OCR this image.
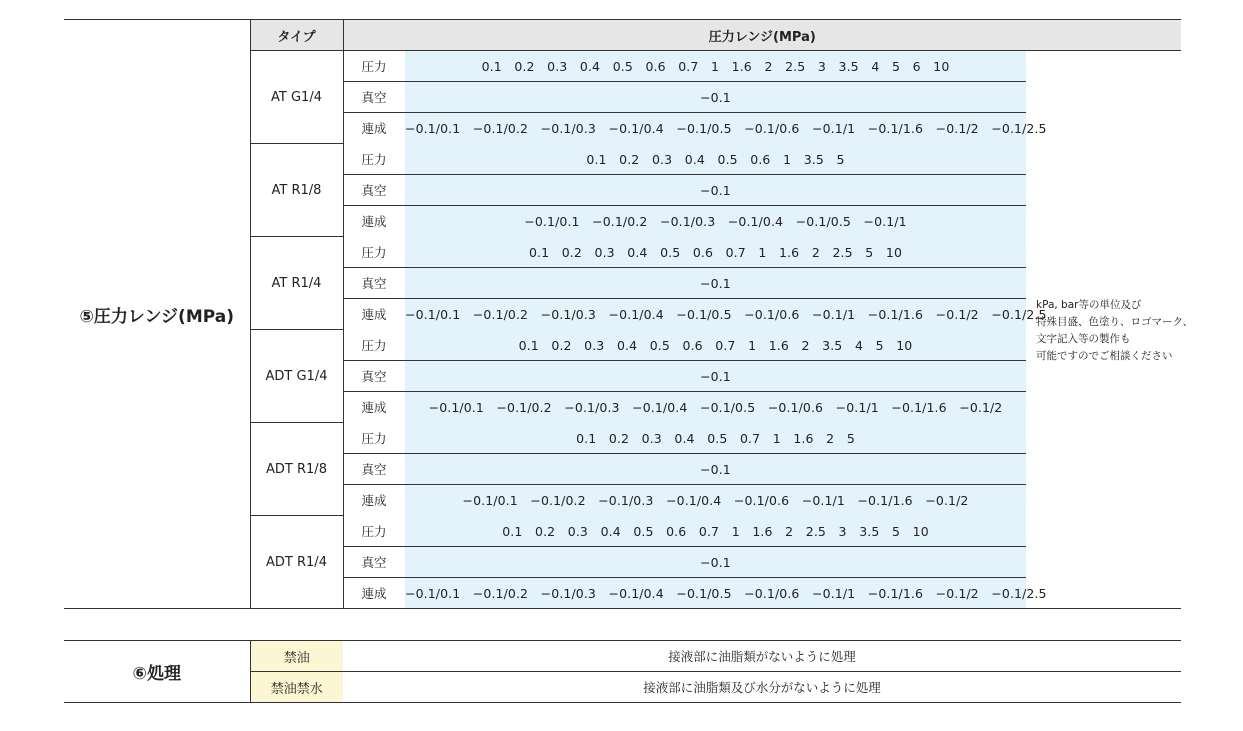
⑤圧力レンジ(MPa)	タイプ	圧力レンジ(MPa)		
	AT G1/4	圧力	0.1　0.2　0.3　0.4　0.5　0.6　0.7　1　1.6　2　2.5　3　3.5　4　5　6　10	kPa, bar等の単位及び
特殊目盛、色塗り、ロゴマーク、
文字記入等の製作も
可能ですのでご相談ください

		真空	−0.1	
		連成	−0.1/0.1　−0.1/0.2　−0.1/0.3　−0.1/0.4　−0.1/0.5　−0.1/0.6　−0.1/1　−0.1/1.6　−0.1/2　−0.1/2.5	
	AT R1/8	圧力	0.1　0.2　0.3　0.4　0.5　0.6　1　3.5　5	
		真空	−0.1	
		連成	−0.1/0.1　−0.1/0.2　−0.1/0.3　−0.1/0.4　−0.1/0.5　−0.1/1	
	AT R1/4	圧力	0.1　0.2　0.3　0.4　0.5　0.6　0.7　1　1.6　2　2.5　5　10	
		真空	−0.1	
		連成	−0.1/0.1　−0.1/0.2　−0.1/0.3　−0.1/0.4　−0.1/0.5　−0.1/0.6　−0.1/1　−0.1/1.6　−0.1/2　−0.1/2.5	
	ADT G1/4	圧力	0.1　0.2　0.3　0.4　0.5　0.6　0.7　1　1.6　2　3.5　4　5　10	
		真空	−0.1	
		連成	−0.1/0.1　−0.1/0.2　−0.1/0.3　−0.1/0.4　−0.1/0.5　−0.1/0.6　−0.1/1　−0.1/1.6　−0.1/2	
	ADT R1/8	圧力	0.1　0.2　0.3　0.4　0.5　0.7　1　1.6　2　5	
		真空	−0.1	
		連成	−0.1/0.1　−0.1/0.2　−0.1/0.3　−0.1/0.4　−0.1/0.6　−0.1/1　−0.1/1.6　−0.1/2	
	ADT R1/4	圧力	0.1　0.2　0.3　0.4　0.5　0.6　0.7　1　1.6　2　2.5　3　3.5　5　10	
		真空	−0.1	
		連成	−0.1/0.1　−0.1/0.2　−0.1/0.3　−0.1/0.4　−0.1/0.5　−0.1/0.6　−0.1/1　−0.1/1.6　−0.1/2　−0.1/2.5	
⑥処理	禁油	接液部に油脂類がないように処理
	禁油禁水	接液部に油脂類及び水分がないように処理
